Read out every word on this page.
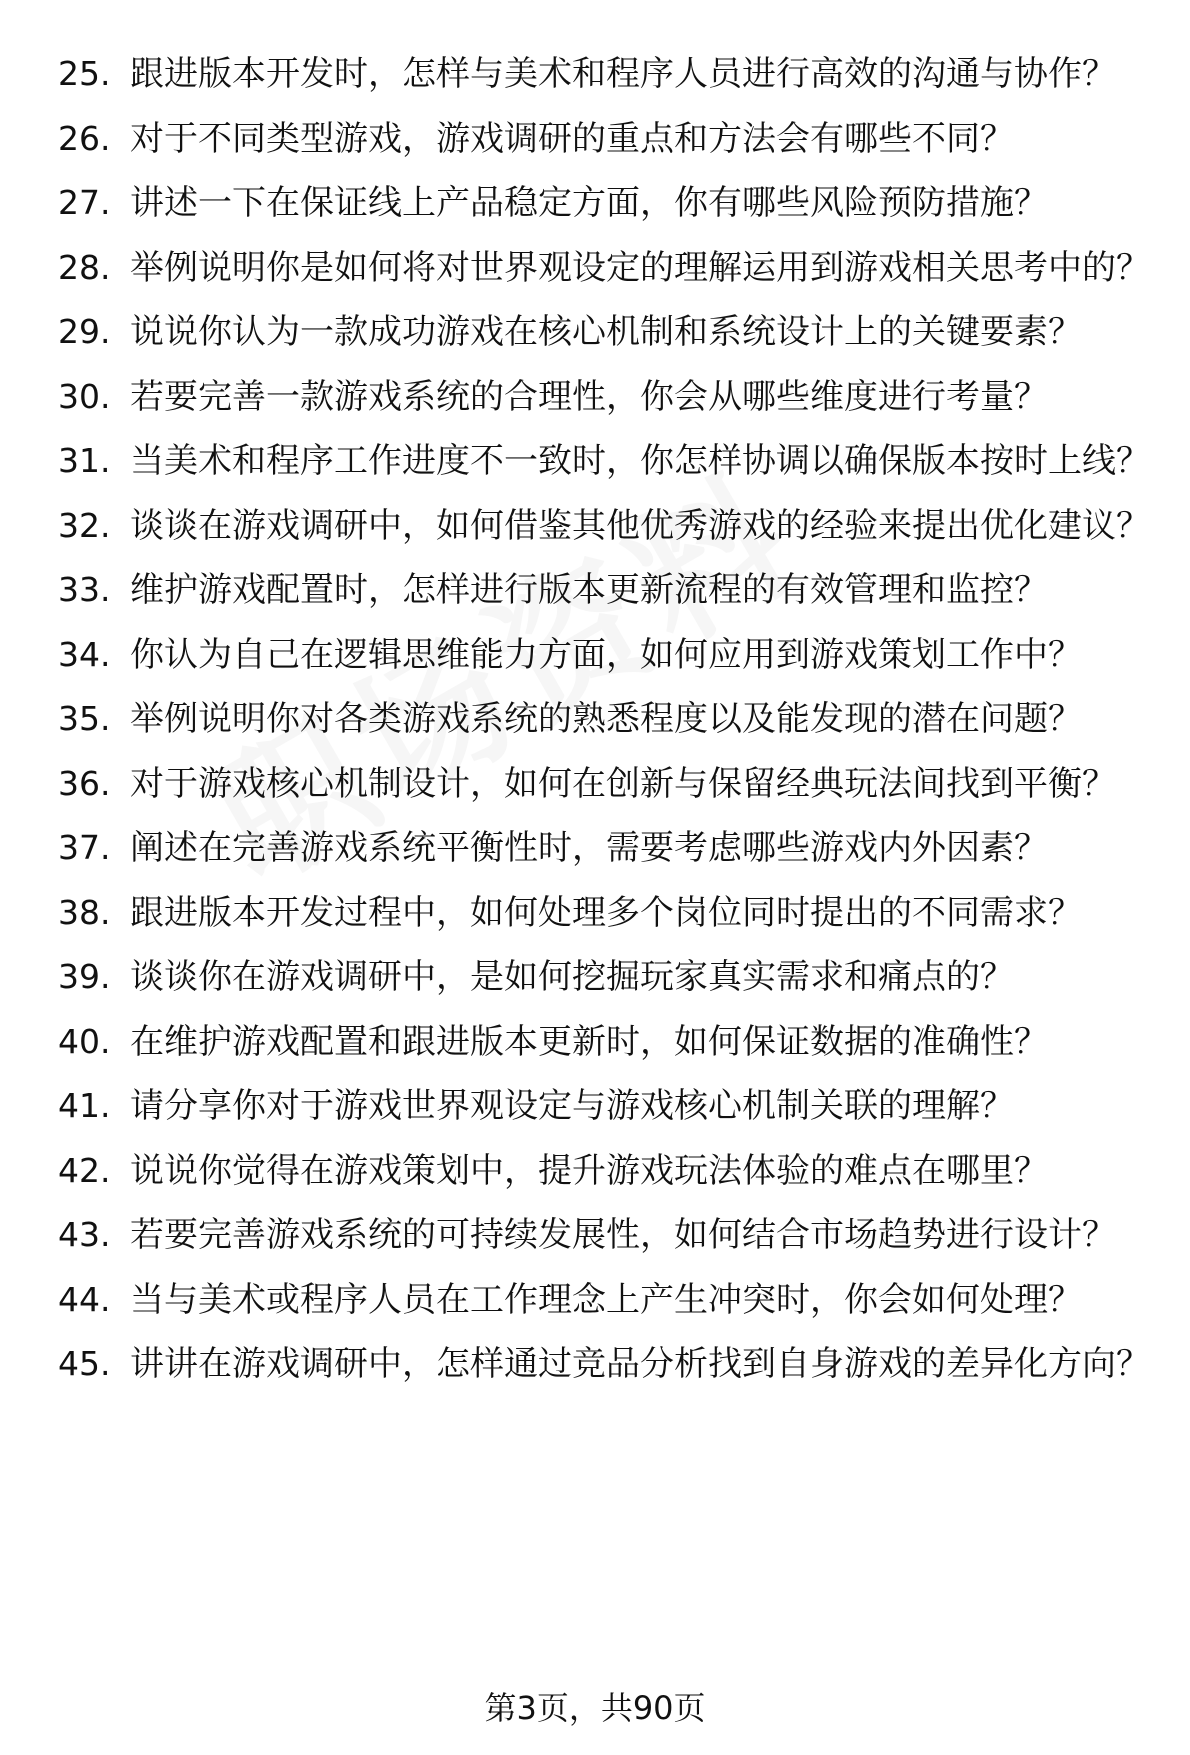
25. 跟进版本开发时，怎样与美术和程序人员进行高效的沟通与协作？
26. 对于不同类型游戏，游戏调研的重点和方法会有哪些不同？
27. 讲述一下在保证线上产品稳定方面，你有哪些风险预防措施？
28. 举例说明你是如何将对世界观设定的理解运用到游戏相关思考中的？
29. 说说你认为一款成功游戏在核心机制和系统设计上的关键要素？
30. 若要完善一款游戏系统的合理性，你会从哪些维度进行考量？
31. 当美术和程序工作进度不一致时，你怎样协调以确保版本按时上线？
32. 谈谈在游戏调研中，如何借鉴其他优秀游戏的经验来提出优化建议？
33. 维护游戏配置时，怎样进行版本更新流程的有效管理和监控？
34. 你认为自己在逻辑思维能力方面，如何应用到游戏策划工作中？
35. 举例说明你对各类游戏系统的熟悉程度以及能发现的潜在问题？
36. 对于游戏核心机制设计，如何在创新与保留经典玩法间找到平衡？
37. 阐述在完善游戏系统平衡性时，需要考虑哪些游戏内外因素？
38. 跟进版本开发过程中，如何处理多个岗位同时提出的不同需求？
39. 谈谈你在游戏调研中，是如何挖掘玩家真实需求和痛点的？
40. 在维护游戏配置和跟进版本更新时，如何保证数据的准确性？
41. 请分享你对于游戏世界观设定与游戏核心机制关联的理解？
42. 说说你觉得在游戏策划中，提升游戏玩法体验的难点在哪里？
43. 若要完善游戏系统的可持续发展性，如何结合市场趋势进行设计？
44. 当与美术或程序人员在工作理念上产生冲突时，你会如何处理？
45. 讲讲在游戏调研中，怎样通过竞品分析找到自身游戏的差异化方向？
第3页，共90页
